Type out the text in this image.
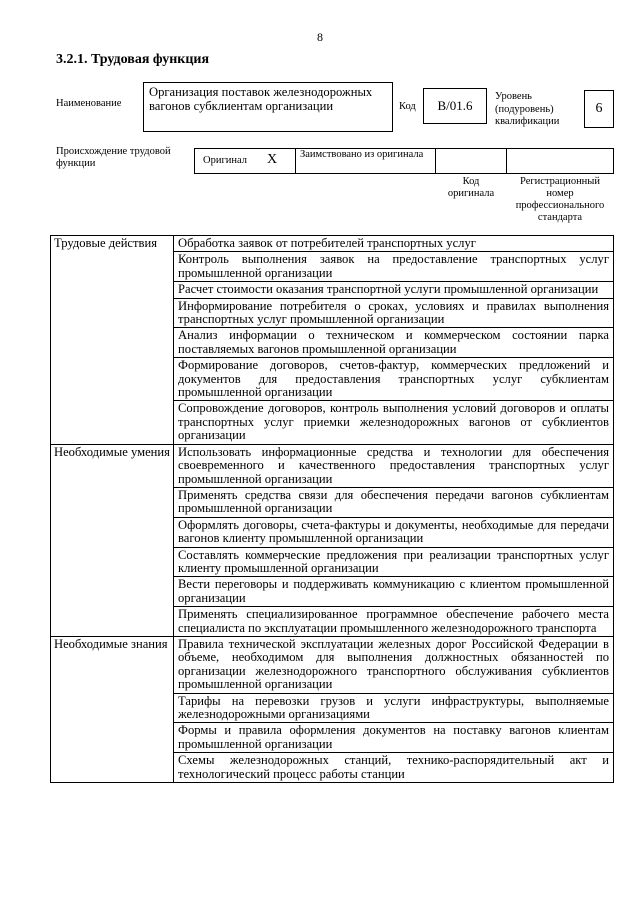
8
3.2.1. Трудовая функция
Наименование
Организация поставок железнодорожных вагонов субклиентам организации	Код	В/01.6
Уровень (подуровень) квалификации
6
Происхождение трудовой функции	Оригинал X Заимствовано из оригинала
Код оригинала
Регистрационный номер профессионального стандарта
Трудовые действия	Обработка заявок от потребителей транспортных услуг
	Контроль выполнения заявок на предоставление транспортных услуг промышленной организации
	Расчет стоимости оказания транспортной услуги промышленной организации
	Информирование потребителя о сроках, условиях и правилах выполнения транспортных услуг промышленной организации
	Анализ информации о техническом и коммерческом состоянии парка поставляемых вагонов промышленной организации
	Формирование договоров, счетов-фактур, коммерческих предложений и документов для предоставления транспортных услуг субклиентам промышленной организации
	Сопровождение договоров, контроль выполнения условий договоров и оплаты транспортных услуг приемки железнодорожных вагонов от субклиентов организации
Необходимые умения	Использовать информационные средства и технологии для обеспечения своевременного и качественного предоставления транспортных услуг промышленной организации
	Применять средства связи для обеспечения передачи вагонов субклиентам промышленной организации
	Оформлять договоры, счета-фактуры и документы, необходимые для передачи вагонов клиенту промышленной организации
	Составлять коммерческие предложения при реализации транспортных услуг клиенту промышленной организации
	Вести переговоры и поддерживать коммуникацию с клиентом промышленной организации
	Применять специализированное программное обеспечение рабочего места специалиста по эксплуатации промышленного железнодорожного транспорта
Необходимые знания	Правила технической эксплуатации железных дорог Российской Федерации в объеме, необходимом для выполнения должностных обязанностей по организации железнодорожного транспортного обслуживания субклиентов промышленной организации
	Тарифы на перевозки грузов и услуги инфраструктуры, выполняемые железнодорожными организациями
	Формы и правила оформления документов на поставку вагонов клиентам промышленной организации
	Схемы железнодорожных станций, технико-распорядительный акт и технологический процесс работы станции
